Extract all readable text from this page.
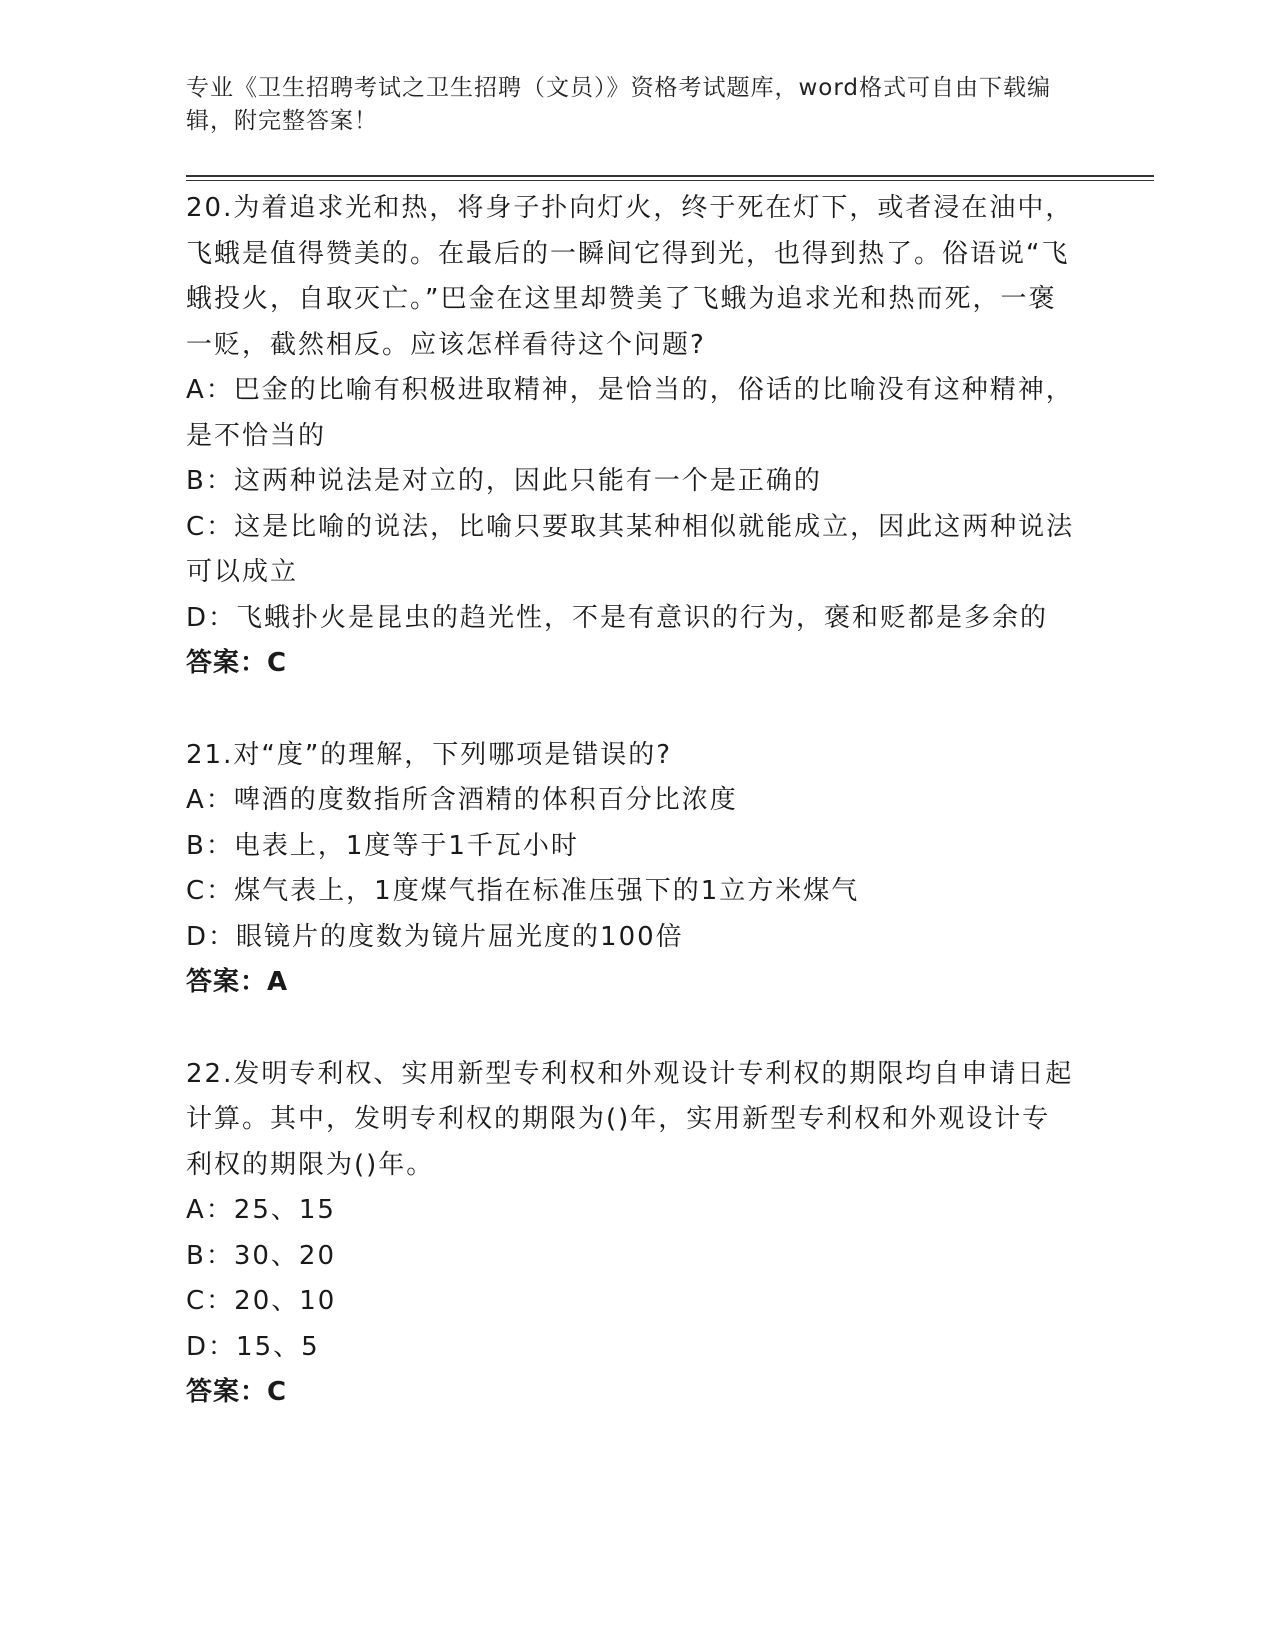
专业《卫生招聘考试之卫生招聘（文员）》资格考试题库，word格式可自由下载编辑，附完整答案！

20.为着追求光和热，将身子扑向灯火，终于死在灯下，或者浸在油中，飞蛾是值得赞美的。在最后的一瞬间它得到光，也得到热了。俗语说“飞蛾投火，自取灭亡。”巴金在这里却赞美了飞蛾为追求光和热而死，一褒一贬，截然相反。应该怎样看待这个问题?

A：巴金的比喻有积极进取精神，是恰当的，俗话的比喻没有这种精神，是不恰当的

B：这两种说法是对立的，因此只能有一个是正确的

C：这是比喻的说法，比喻只要取其某种相似就能成立，因此这两种说法可以成立

D：飞蛾扑火是昆虫的趋光性，不是有意识的行为，褒和贬都是多余的

答案：C

21.对“度”的理解，下列哪项是错误的?

A：啤酒的度数指所含酒精的体积百分比浓度

B：电表上，1度等于1千瓦小时

C：煤气表上，1度煤气指在标准压强下的1立方米煤气

D：眼镜片的度数为镜片屈光度的100倍

答案：A

22.发明专利权、实用新型专利权和外观设计专利权的期限均自申请日起计算。其中，发明专利权的期限为()年，实用新型专利权和外观设计专利权的期限为()年。

A：25、15

B：30、20

C：20、10

D：15、5

答案：C
